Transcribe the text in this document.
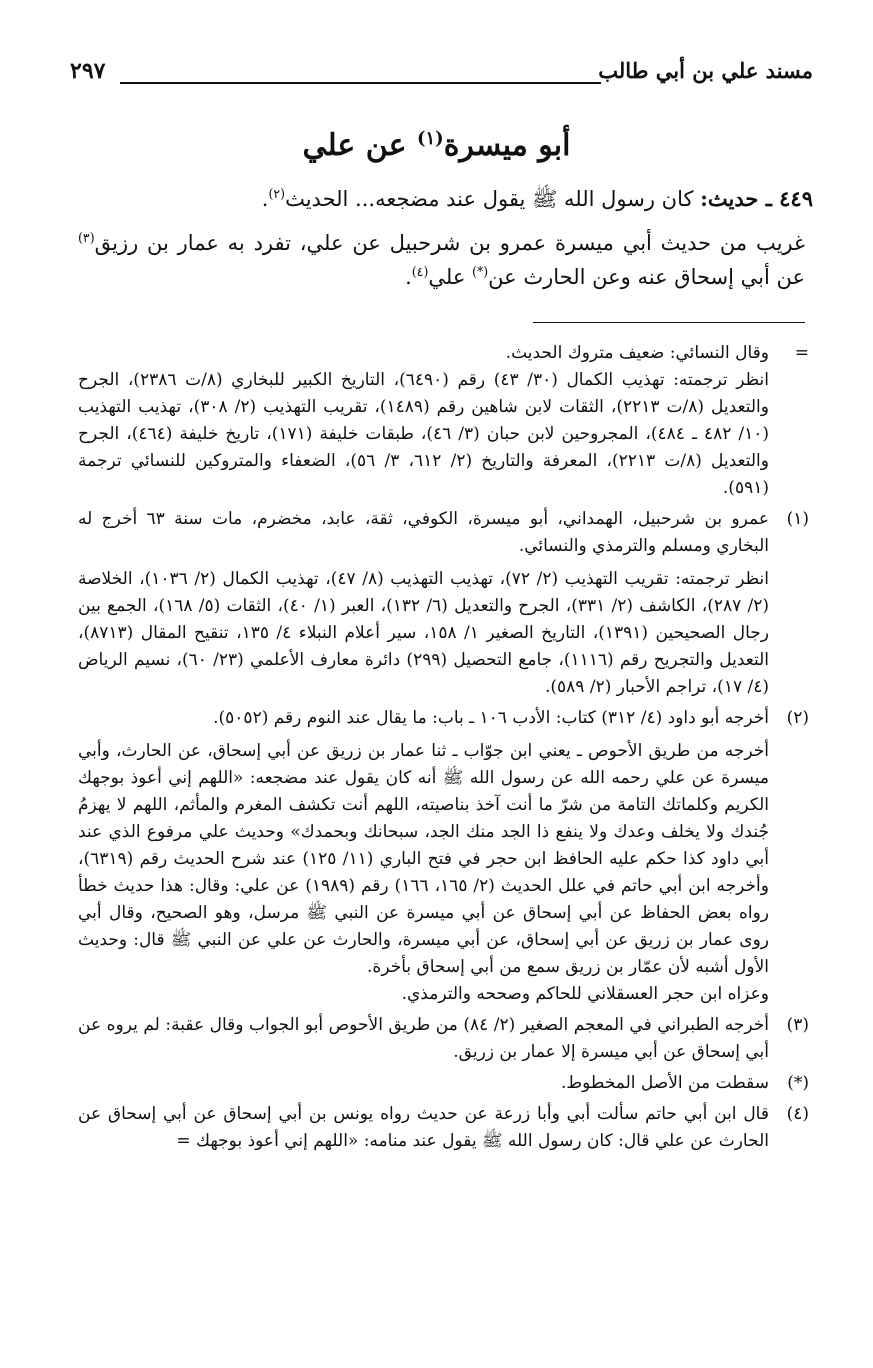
مسند علي بن أبي طالب
٢٩٧
أبو ميسرة$^{(١)}$ عن علي
٤٤٩ ـ حديث: كان رسول الله ﷺ يقول عند مضجعه... الحديث$^{(٢)}$.
غريب من حديث أبي ميسرة عمرو بن شرحبيل عن علي، تفرد به عمار بن رزيق$^{(٣)}$ عن أبي إسحاق عنه وعن الحارث عن(*) علي$^{(٤)}$.
=

وقال النسائي: ضعيف متروك الحديث.

انظر ترجمته: تهذيب الكمال (٣٠/ ٤٣) رقم (٦٤٩٠)، التاريخ الكبير للبخاري (٨/ت ٢٣٨٦)، الجرح والتعديل (٨/ت ٢٢١٣)، الثقات لابن شاهين رقم (١٤٨٩)، تقريب التهذيب (٢/ ٣٠٨)، تهذيب التهذيب (١٠/ ٤٨٢ ـ ٤٨٤)، المجروحين لابن حبان (٣/ ٤٦)، طبقات خليفة (١٧١)، تاريخ خليفة (٤٦٤)، الجرح والتعديل (٨/ت ٢٢١٣)، المعرفة والتاريخ (٢/ ٦١٢، ٣/ ٥٦)، الضعفاء والمتروكين للنسائي ترجمة (٥٩١).

(١)

عمرو بن شرحبيل، الهمداني، أبو ميسرة، الكوفي، ثقة، عابد، مخضرم، مات سنة ٦٣ أخرج له البخاري ومسلم والترمذي والنسائي.

انظر ترجمته: تقريب التهذيب (٢/ ٧٢)، تهذيب التهذيب (٨/ ٤٧)، تهذيب الكمال (٢/ ١٠٣٦)، الخلاصة (٢/ ٢٨٧)، الكاشف (٢/ ٣٣١)، الجرح والتعديل (٦/ ١٣٢)، العبر (١/ ٤٠)، الثقات (٥/ ١٦٨)، الجمع بين رجال الصحيحين (١٣٩١)، التاريخ الصغير ١/ ١٥٨، سير أعلام النبلاء ٤/ ١٣٥، تنقيح المقال (٨٧١٣)، التعديل والتجريح رقم (١١١٦)، جامع التحصيل (٢٩٩) دائرة معارف الأعلمي (٢٣/ ٦٠)، نسيم الرياض (٤/ ١٧)، تراجم الأحبار (٢/ ٥٨٩).

(٢)

أخرجه أبو داود (٤/ ٣١٢) كتاب: الأدب ١٠٦ ـ باب: ما يقال عند النوم رقم (٥٠٥٢).

أخرجه من طريق الأحوص ـ يعني ابن جوّاب ـ ثنا عمار بن زريق عن أبي إسحاق، عن الحارث، وأبي ميسرة عن علي رحمه الله عن رسول الله ﷺ أنه كان يقول عند مضجعه: «اللهم إني أعوذ بوجهك الكريم وكلماتك التامة من شرّ ما أنت آخذ بناصيته، اللهم أنت تكشف المغرم والمأثم، اللهم لا يهزمُ جُندك ولا يخلف وعدك ولا ينفع ذا الجد منك الجد، سبحانك وبحمدك» وحديث علي مرفوع الذي عند أبي داود كذا حكم عليه الحافظ ابن حجر في فتح الباري (١١/ ١٢٥) عند شرح الحديث رقم (٦٣١٩)، وأخرجه ابن أبي حاتم في علل الحديث (٢/ ١٦٥، ١٦٦) رقم (١٩٨٩) عن علي: وقال: هذا حديث خطأ رواه بعض الحفاظ عن أبي إسحاق عن أبي ميسرة عن النبي ﷺ مرسل، وهو الصحيح، وقال أبي روى عمار بن زريق عن أبي إسحاق، عن أبي ميسرة، والحارث عن علي عن النبي ﷺ قال: وحديث الأول أشبه لأن عمّار بن زريق سمع من أبي إسحاق بأخرة.

وعزاه ابن حجر العسقلاني للحاكم وصححه والترمذي.

(٣)

أخرجه الطبراني في المعجم الصغير (٢/ ٨٤) من طريق الأحوص أبو الجواب وقال عقبة: لم يروه عن أبي إسحاق عن أبي ميسرة إلا عمار بن زريق.

(*)

سقطت من الأصل المخطوط.

(٤)

قال ابن أبي حاتم سألت أبي وأبا زرعة عن حديث رواه يونس بن أبي إسحاق عن أبي إسحاق عن الحارث عن علي قال: كان رسول الله ﷺ يقول عند منامه: «اللهم إني أعوذ بوجهك =
